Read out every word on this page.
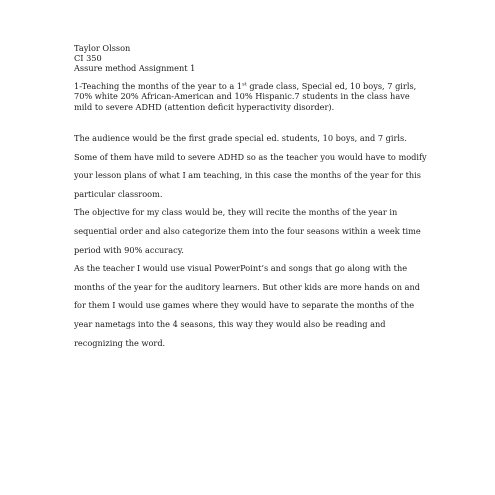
Taylor Olsson
CI 350
Assure method Assignment 1
1-Teaching the months of the year to a 1st grade class, Special ed, 10 boys, 7 girls,
70% white 20% African-American and 10% Hispanic.7 students in the class have
mild to severe ADHD (attention deficit hyperactivity disorder).
The audience would be the first grade special ed. students, 10 boys, and 7 girls.
Some of them have mild to severe ADHD so as the teacher you would have to modify
your lesson plans of what I am teaching, in this case the months of the year for this
particular classroom.
The objective for my class would be, they will recite the months of the year in
sequential order and also categorize them into the four seasons within a week time
period with 90% accuracy.
As the teacher I would use visual PowerPoint’s and songs that go along with the
months of the year for the auditory learners. But other kids are more hands on and
for them I would use games where they would have to separate the months of the
year nametags into the 4 seasons, this way they would also be reading and
recognizing the word.
